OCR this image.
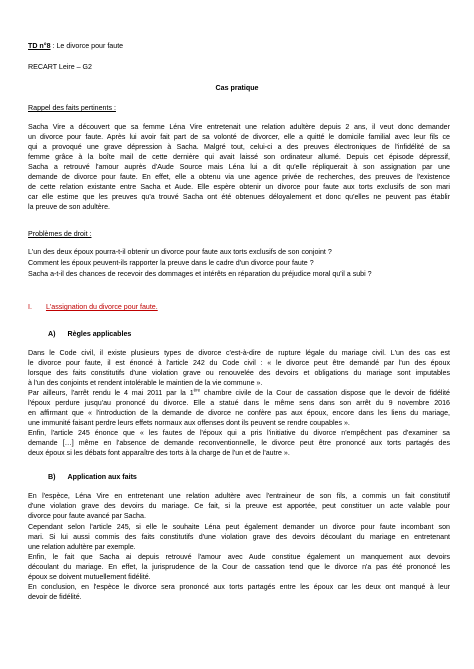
TD n°8 : Le divorce pour faute
RECART Leire – G2
Cas pratique
Rappel des faits pertinents :
Sacha Vire a découvert que sa femme Léna Vire entretenait une relation adultère depuis 2 ans, il veut donc demander
un divorce pour faute. Après lui avoir fait part de sa volonté de divorcer, elle a quitté le domicile familial avec leur fils ce
qui a provoqué une grave dépression à Sacha. Malgré tout, celui-ci a des preuves électroniques de l'infidélité de sa
femme grâce à la boîte mail de cette dernière qui avait laissé son ordinateur allumé. Depuis cet épisode dépressif,
Sacha a retrouvé l'amour auprès d'Aude Source mais Léna lui a dit qu'elle répliquerait à son assignation par une
demande de divorce pour faute. En effet, elle a obtenu via une agence privée de recherches, des preuves de l'existence
de cette relation existante entre Sacha et Aude. Elle espère obtenir un divorce pour faute aux torts exclusifs de son mari
car elle estime que les preuves qu'a trouvé Sacha ont été obtenues déloyalement et donc qu'elles ne peuvent pas établir
la preuve de son adultère.
Problèmes de droit :
L'un des deux époux pourra-t-il obtenir un divorce pour faute aux torts exclusifs de son conjoint ?
Comment les époux peuvent-ils rapporter la preuve dans le cadre d'un divorce pour faute ?
Sacha a-t-il des chances de recevoir des dommages et intérêts en réparation du préjudice moral qu'il a subi ?
I. L'assignation du divorce pour faute.
A) Règles applicables
Dans le Code civil, il existe plusieurs types de divorce c'est-à-dire de rupture légale du mariage civil. L'un des cas est
le divorce pour faute, il est énoncé à l'article 242 du Code civil : « le divorce peut être demandé par l'un des époux
lorsque des faits constitutifs d'une violation grave ou renouvelée des devoirs et obligations du mariage sont imputables
à l'un des conjoints et rendent intolérable le maintien de la vie commune ».
Par ailleurs, l'arrêt rendu le 4 mai 2011 par la 1ère chambre civile de la Cour de cassation dispose que le devoir de fidélité
l'époux perdure jusqu'au prononcé du divorce. Elle a statué dans le même sens dans son arrêt du 9 novembre 2016
en affirmant que « l'introduction de la demande de divorce ne confère pas aux époux, encore dans les liens du mariage,
une immunité faisant perdre leurs effets normaux aux offenses dont ils peuvent se rendre coupables ».
Enfin, l'article 245 énonce que « les fautes de l'époux qui a pris l'initiative du divorce n'empêchent pas d'examiner sa
demande […] même en l'absence de demande reconventionnelle, le divorce peut être prononcé aux torts partagés des
deux époux si les débats font apparaître des torts à la charge de l'un et de l'autre ».
B) Application aux faits
En l'espèce, Léna Vire en entretenant une relation adultère avec l'entraineur de son fils, a commis un fait constitutif
d'une violation grave des devoirs du mariage. Ce fait, si la preuve est apportée, peut constituer un acte valable pour
divorce pour faute avancé par Sacha.
Cependant selon l'article 245, si elle le souhaite Léna peut également demander un divorce pour faute incombant son
mari. Si lui aussi commis des faits constitutifs d'une violation grave des devoirs découlant du mariage en entretenant
une relation adultère par exemple.
Enfin, le fait que Sacha ai depuis retrouvé l'amour avec Aude constitue également un manquement aux devoirs
découlant du mariage. En effet, la jurisprudence de la Cour de cassation tend que le divorce n'a pas été prononcé les
époux se doivent mutuellement fidélité.
En conclusion, en l'espèce le divorce sera prononcé aux torts partagés entre les époux car les deux ont manqué à leur
devoir de fidélité.
